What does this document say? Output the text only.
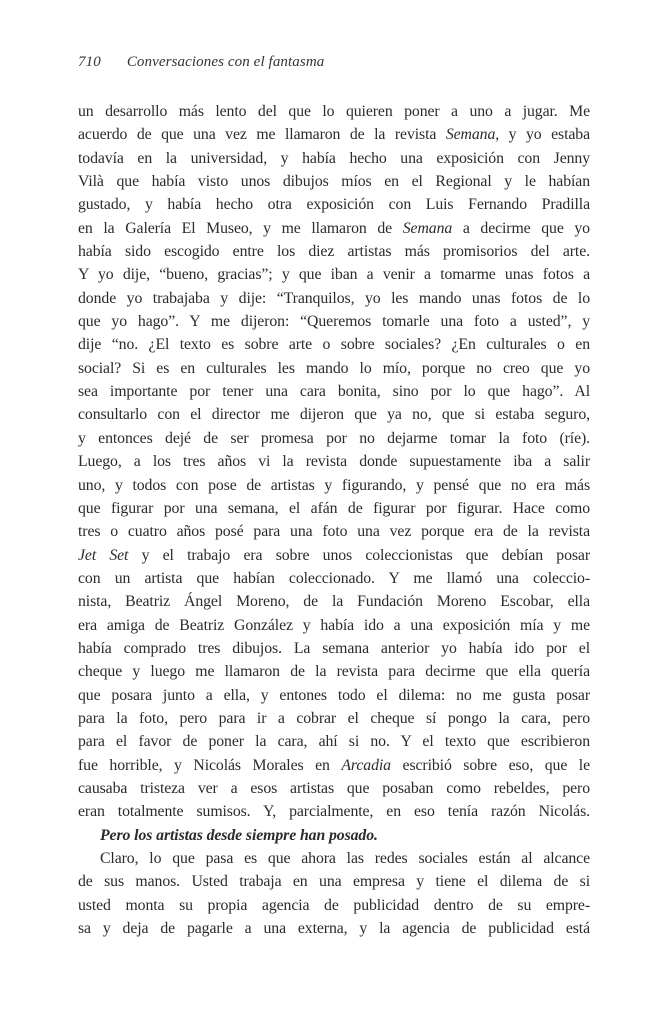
710 Conversaciones con el fantasma
un desarrollo más lento del que lo quieren poner a uno a jugar. Me
acuerdo de que una vez me llamaron de la revista Semana, y yo estaba
todavía en la universidad, y había hecho una exposición con Jenny
Vilà que había visto unos dibujos míos en el Regional y le habían
gustado, y había hecho otra exposición con Luis Fernando Pradilla
en la Galería El Museo, y me llamaron de Semana a decirme que yo
había sido escogido entre los diez artistas más promisorios del arte.
Y yo dije, “bueno, gracias”; y que iban a venir a tomarme unas fotos a
donde yo trabajaba y dije: “Tranquilos, yo les mando unas fotos de lo
que yo hago”. Y me dijeron: “Queremos tomarle una foto a usted”, y
dije “no. ¿El texto es sobre arte o sobre sociales? ¿En culturales o en
social? Si es en culturales les mando lo mío, porque no creo que yo
sea importante por tener una cara bonita, sino por lo que hago”. Al
consultarlo con el director me dijeron que ya no, que si estaba seguro,
y entonces dejé de ser promesa por no dejarme tomar la foto (ríe).
Luego, a los tres años vi la revista donde supuestamente iba a salir
uno, y todos con pose de artistas y figurando, y pensé que no era más
que figurar por una semana, el afán de figurar por figurar. Hace como
tres o cuatro años posé para una foto una vez porque era de la revista
Jet Set y el trabajo era sobre unos coleccionistas que debían posar
con un artista que habían coleccionado. Y me llamó una coleccio-
nista, Beatriz Ángel Moreno, de la Fundación Moreno Escobar, ella
era amiga de Beatriz González y había ido a una exposición mía y me
había comprado tres dibujos. La semana anterior yo había ido por el
cheque y luego me llamaron de la revista para decirme que ella quería
que posara junto a ella, y entones todo el dilema: no me gusta posar
para la foto, pero para ir a cobrar el cheque sí pongo la cara, pero
para el favor de poner la cara, ahí si no. Y el texto que escribieron
fue horrible, y Nicolás Morales en Arcadia escribió sobre eso, que le
causaba tristeza ver a esos artistas que posaban como rebeldes, pero
eran totalmente sumisos. Y, parcialmente, en eso tenía razón Nicolás.
Pero los artistas desde siempre han posado.
Claro, lo que pasa es que ahora las redes sociales están al alcance
de sus manos. Usted trabaja en una empresa y tiene el dilema de si
usted monta su propia agencia de publicidad dentro de su empre-
sa y deja de pagarle a una externa, y la agencia de publicidad está
